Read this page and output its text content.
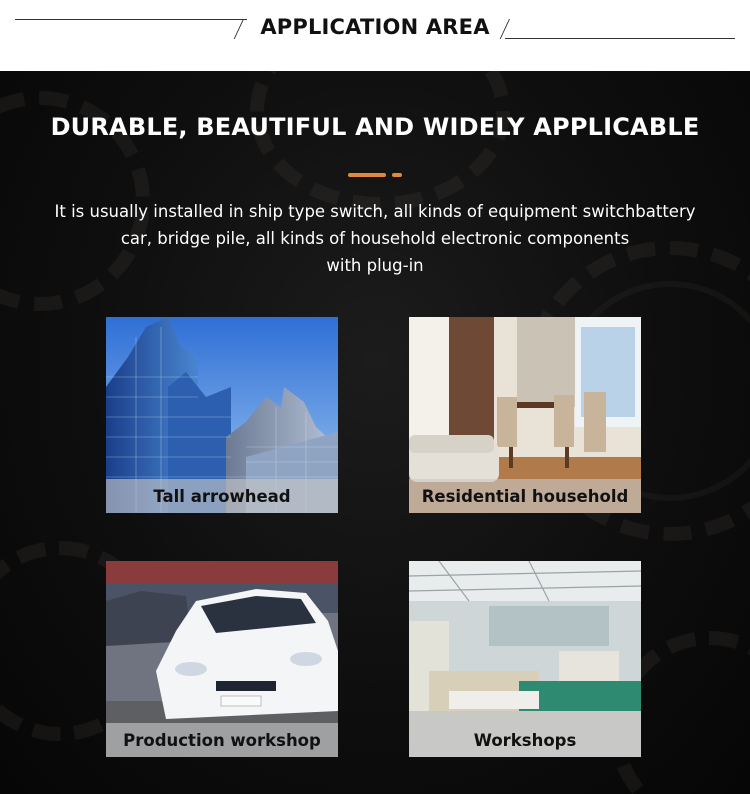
APPLICATION AREA
DURABLE, BEAUTIFUL AND WIDELY APPLICABLE
It is usually installed in ship type switch, all kinds of equipment switchbattery
car, bridge pile, all kinds of household electronic components
with plug-in
Tall arrowhead	Residential household
Production workshop	Workshops
